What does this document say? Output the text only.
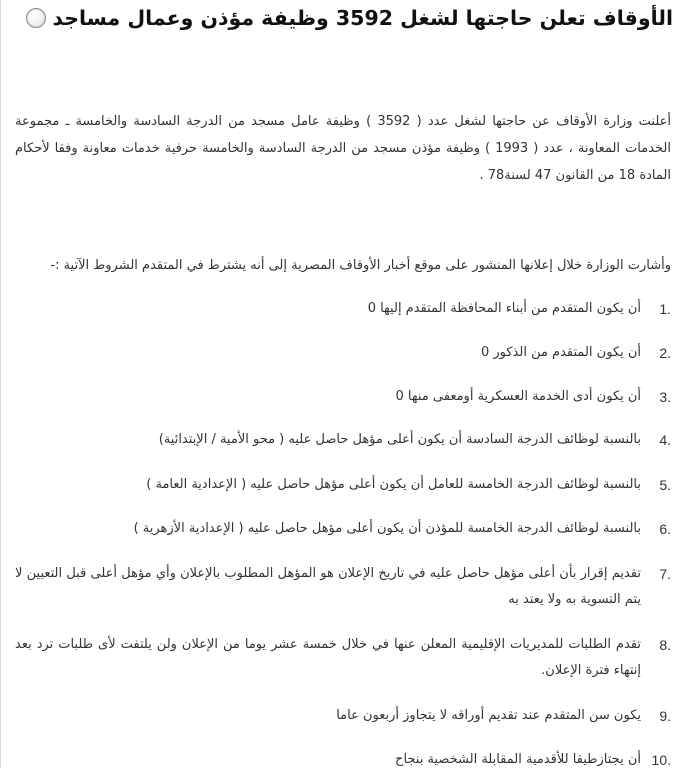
الأوقاف تعلن حاجتها لشغل 3592 وظيفة مؤذن وعمال مساجد

أعلنت وزارة الأوقاف عن حاجتها لشغل عدد ( 3592 ) وظيفة عامل مسجد من الدرجة السادسة والخامسة ـ مجموعة الخدمات المعاونة ، عدد ( 1993 ) وظيفة مؤذن مسجد من الدرجة السادسة والخامسة حرفية خدمات معاونة وفقا لأحكام المادة 18 من القانون 47 لسنة78 .

وأشارت الوزارة خلال إعلانها المنشور على موقع أخبار الأوقاف المصرية إلى أنه يشترط في المتقدم الشروط الآتية :-

1.
أن يكون المتقدم من أبناء المحافظة المتقدم إليها 0
2.
أن يكون المتقدم من الذكور 0
3.
أن يكون أدى الخدمة العسكرية أومعفى منها 0
4.
بالنسبة لوظائف الدرجة السادسة أن يكون أعلى مؤهل حاصل عليه ( محو الأمية / الإبتدائية)
5.
بالنسبة لوظائف الدرجة الخامسة للعامل أن يكون أعلى مؤهل حاصل عليه ( الإعدادية العامة )
6.
بالنسبة لوظائف الدرجة الخامسة للمؤذن أن يكون أعلى مؤهل حاصل عليه ( الإعدادية الأزهرية )
7.
تقديم إقرار بأن أعلى مؤهل حاصل عليه في تاريخ الإعلان هو المؤهل المطلوب بالإعلان وأي مؤهل أعلى قبل التعيين لا يتم التسوية به ولا يعتد به
8.
تقدم الطلبات للمديريات الإقليمية المعلن عنها في خلال خمسة عشر يوما من الإعلان ولن يلتفت لأى طلبات ترد بعد إنتهاء فترة الإعلان.
9.
يكون سن المتقدم عند تقديم أوراقه لا يتجاوز أربعون عاما
10.
أن يجتازطيقا للأقدمية المقابلة الشخصية بنجاح
